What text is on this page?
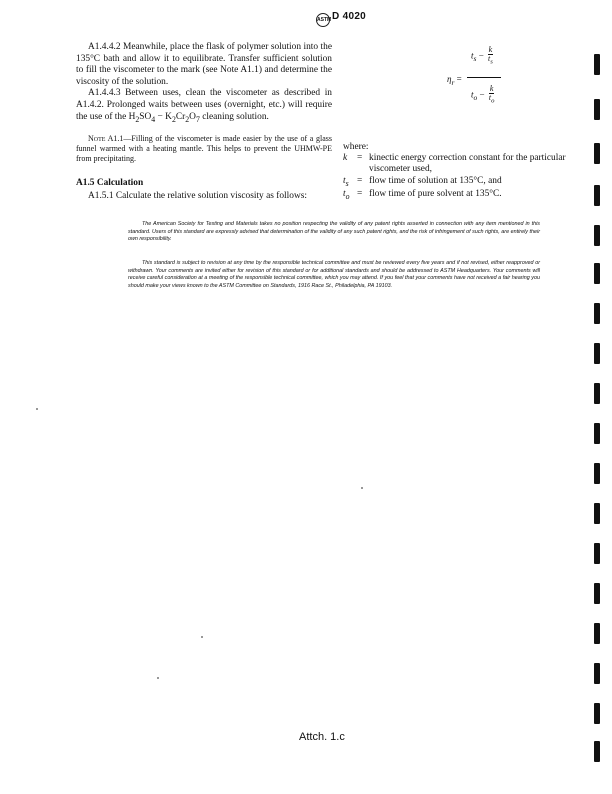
ASTM D 4020

A1.4.4.2 Meanwhile, place the flask of polymer solution into the 135°C bath and allow it to equilibrate. Transfer sufficient solution to fill the viscometer to the mark (see Note A1.1) and determine the viscosity of the solution.

A1.4.4.3 Between uses, clean the viscometer as described in A1.4.2. Prolonged waits between uses (overnight, etc.) will require the use of the $H_2SO_4 - K_2Cr_2O_7$ cleaning solution.

Note A1.1—Filling of the viscometer is made easier by the use of a glass funnel warmed with a heating mantle. This helps to prevent the UHMW-PE from precipitating.

A1.5 Calculation
A1.5.1 Calculate the relative solution viscosity as follows:
$\eta_r$ =
$t_s - \frac{k}{t_s}$
$t_o - \frac{k}{t_o}$
where:
k	= kinectic energy correction constant for the particular viscometer used,
$t_s$ = flow time of solution at 135°C, and
$t_o$ = flow time of pure solvent at 135°C.
The American Society for Testing and Materials takes no position respecting the validity of any patent rights asserted in connection with any item mentioned in this standard. Users of this standard are expressly advised that determination of the validity of any such patent rights, and the risk of infringement of such rights, are entirely their own responsibility.
This standard is subject to revision at any time by the responsible technical committee and must be reviewed every five years and if not revised, either reapproved or withdrawn. Your comments are invited either for revision of this standard or for additional standards and should be addressed to ASTM Headquarters. Your comments will receive careful consideration at a meeting of the responsible technical committee, which you may attend. If you feel that your comments have not received a fair hearing you should make your views known to the ASTM Committee on Standards, 1916 Race St., Philadelphia, PA 19103.
Attch. 1.c
